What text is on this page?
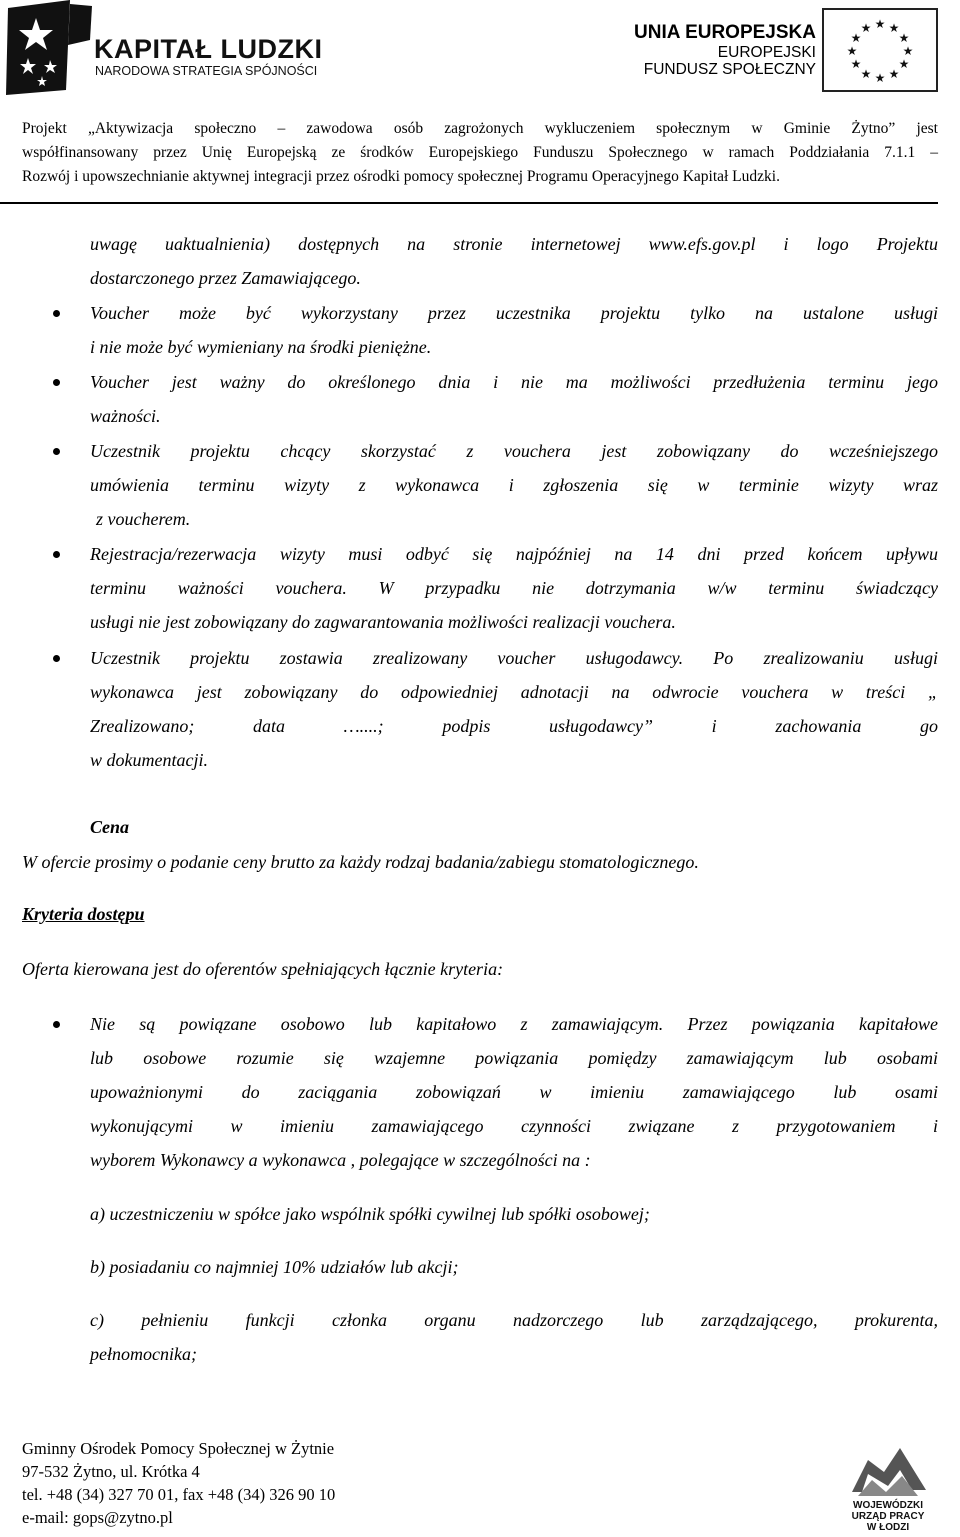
KAPITAŁ LUDZKI
NARODOWA STRATEGIA SPÓJNOŚCI
UNIA EUROPEJSKA
EUROPEJSKI
FUNDUSZ SPOŁECZNY
★ ★
★
★
★
★
★
★
★
★
★
★
Projekt „Aktywizacja społeczno – zawodowa osób zagrożonych wykluczeniem społecznym w Gminie Żytno” jest
współfinansowany przez Unię Europejską ze środków Europejskiego Funduszu Społecznego w ramach Poddziałania 7.1.1 –
Rozwój i upowszechnianie aktywnej integracji przez ośrodki pomocy społecznej Programu Operacyjnego Kapitał Ludzki.
uwagę uaktualnienia) dostępnych na stronie internetowej www.efs.gov.pl i logo Projektu
dostarczonego przez Zamawiającego.
Voucher może być wykorzystany przez uczestnika projektu tylko na ustalone usługi
i nie może być wymieniany na środki pieniężne.
Voucher jest ważny do określonego dnia i nie ma możliwości przedłużenia terminu jego
ważności.
Uczestnik projektu chcący skorzystać z vouchera jest zobowiązany do wcześniejszego
umówienia terminu wizyty z wykonawca i zgłoszenia się w terminie wizyty wraz
z voucherem.
Rejestracja/rezerwacja wizyty musi odbyć się najpóźniej na 14 dni przed końcem upływu
terminu ważności vouchera. W przypadku nie dotrzymania w/w terminu świadczący
usługi nie jest zobowiązany do zagwarantowania możliwości realizacji vouchera.
Uczestnik projektu zostawia zrealizowany voucher usługodawcy. Po zrealizowaniu usługi
wykonawca jest zobowiązany do odpowiedniej adnotacji na odwrocie vouchera w treści „
Zrealizowano; data …....; podpis usługodawcy” i zachowania go
w dokumentacji.
Cena
W ofercie prosimy o podanie ceny brutto za każdy rodzaj badania/zabiegu stomatologicznego.
Kryteria dostępu
Oferta kierowana jest do oferentów spełniających łącznie kryteria:
Nie są powiązane osobowo lub kapitałowo z zamawiającym. Przez powiązania kapitałowe
lub osobowe rozumie się wzajemne powiązania pomiędzy zamawiającym lub osobami
upoważnionymi do zaciągania zobowiązań w imieniu zamawiającego lub osami
wykonującymi w imieniu zamawiającego czynności związane z przygotowaniem i
wyborem Wykonawcy a wykonawca , polegające w szczególności na :
a) uczestniczeniu w spółce jako wspólnik spółki cywilnej lub spółki osobowej;
b) posiadaniu co najmniej 10% udziałów lub akcji;
c) pełnieniu funkcji członka organu nadzorczego lub zarządzającego, prokurenta,
pełnomocnika;
Gminny Ośrodek Pomocy Społecznej w Żytnie
97-532 Żytno, ul. Krótka 4
tel. +48 (34) 327 70 01, fax +48 (34) 326 90 10
e-mail: gops@zytno.pl
WOJEWÓDZKI
URZĄD PRACY
W ŁODZI
